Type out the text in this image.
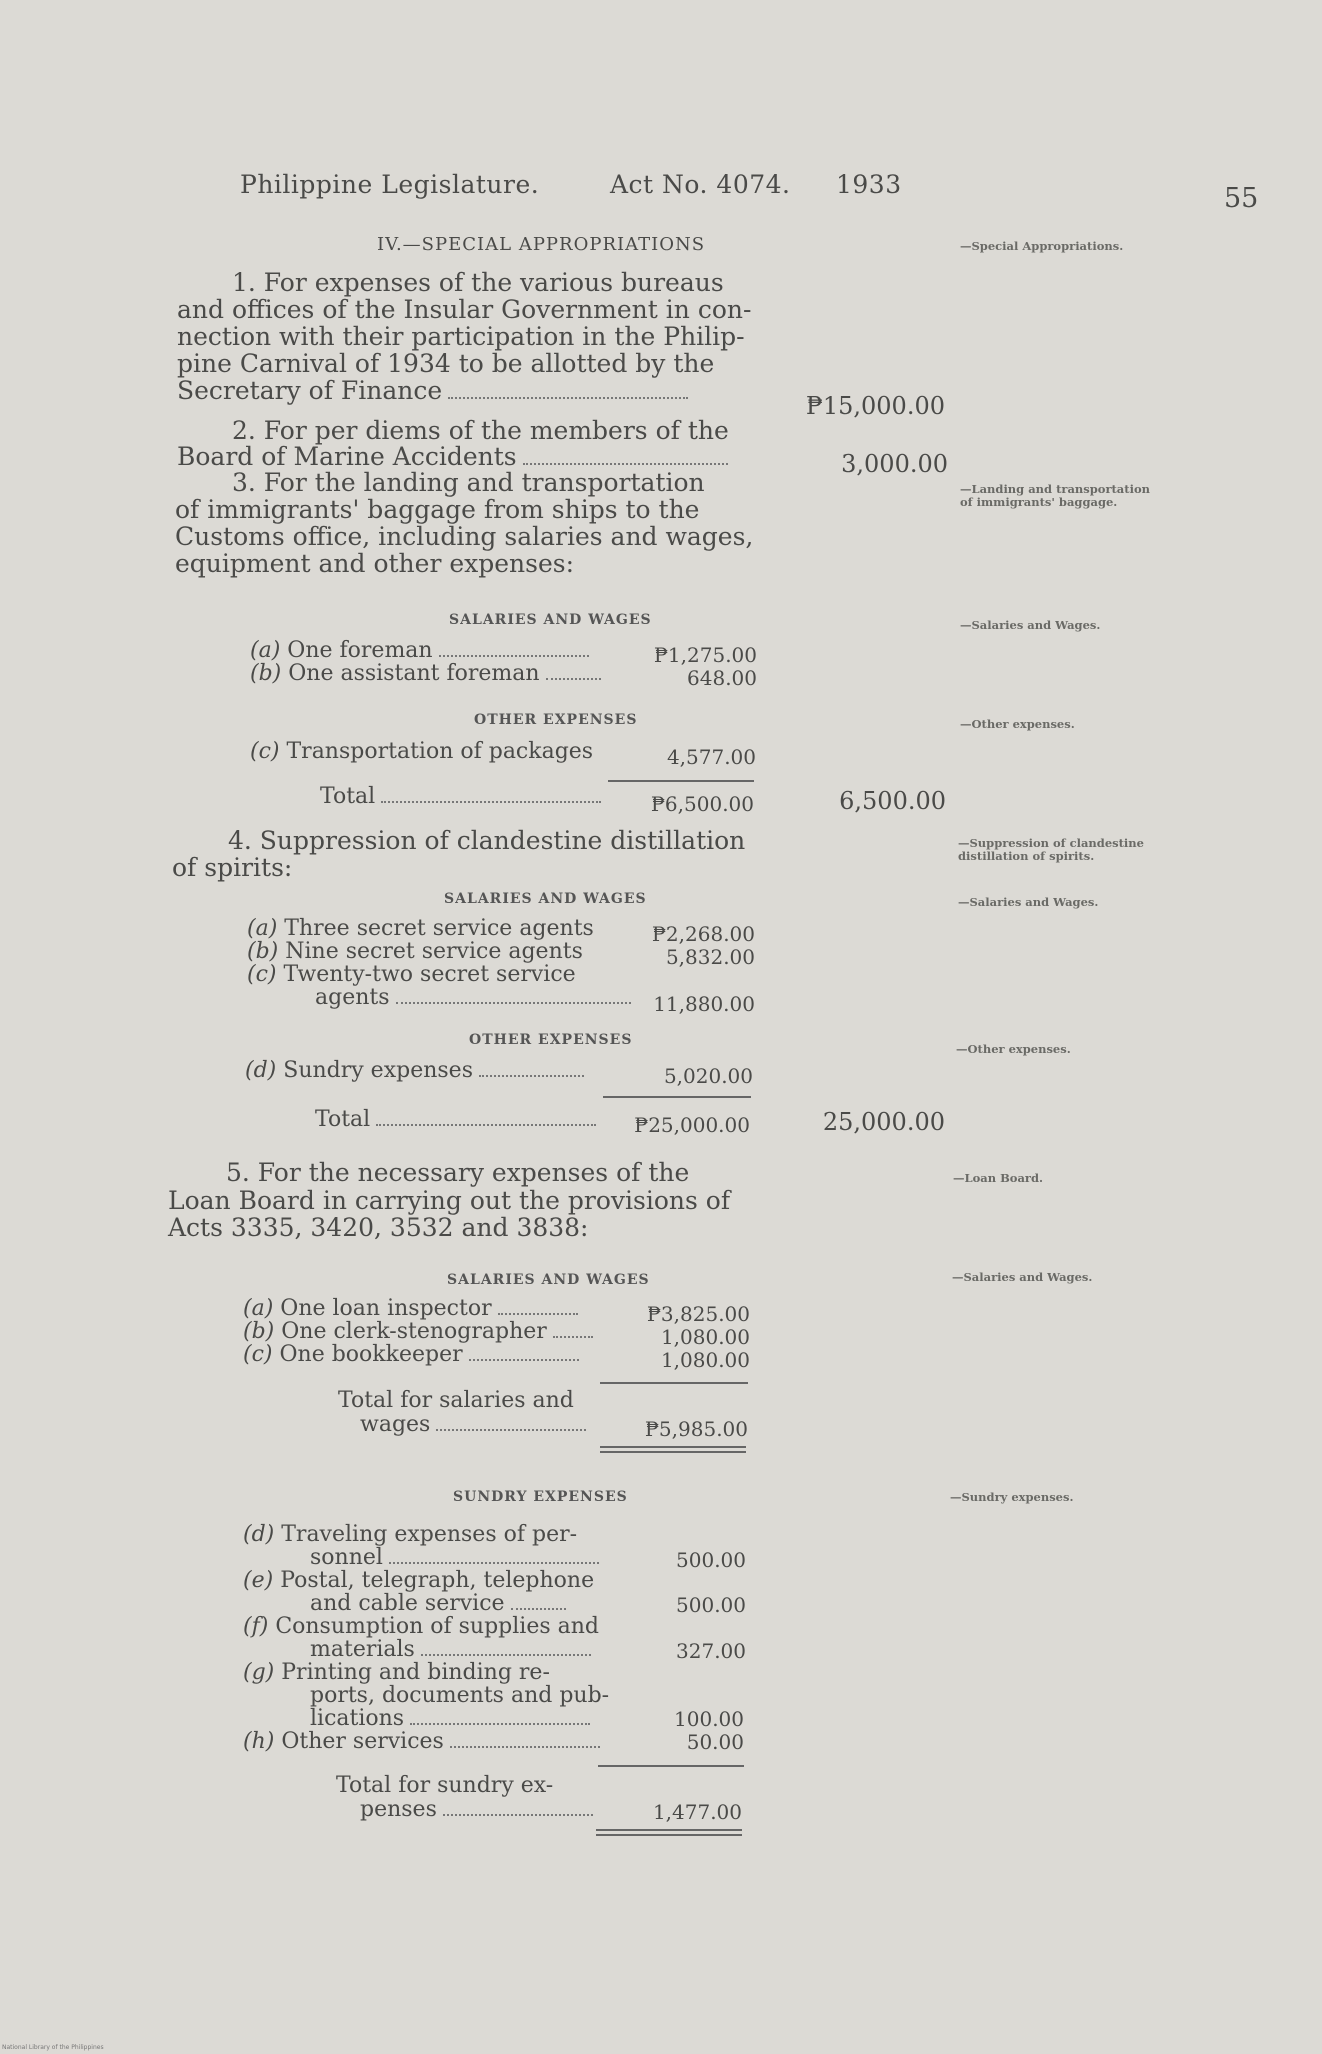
Philippine Legislature.	Act No. 4074. 1933	55
IV.—SPECIAL APPROPRIATIONS	—Special Appropriations.
1. For expenses of the various bureaus
and offices of the Insular Government in con-
nection with their participation in the Philip-
pine Carnival of 1934 to be allotted by the
Secretary of Finance
₱15,000.00
2. For per diems of the members of the
Board of Marine Accidents	3,000.00
3. For the landing and transportation
of immigrants' baggage from ships to the
Customs office, including salaries and wages,
equipment and other expenses:
—Landing and transportation of immigrants' baggage.
SALARIES AND WAGES	—Salaries and Wages.
(a) One foreman	₱1,275.00
(b) One assistant foreman	648.00
OTHER EXPENSES	—Other expenses.
(c) Transportation of packages	4,577.00
Total	₱6,500.00	6,500.00
4. Suppression of clandestine distillation
of spirits:
—Suppression of clandestine distillation of spirits.
SALARIES AND WAGES	—Salaries and Wages.
(a) Three secret service agents	₱2,268.00
(b) Nine secret service agents	5,832.00
(c) Twenty-two secret service
agents	11,880.00
OTHER EXPENSES
—Other expenses.
(d) Sundry expenses	5,020.00
Total	₱25,000.00	25,000.00
5. For the necessary expenses of the
Loan Board in carrying out the provisions of
Acts 3335, 3420, 3532 and 3838:
—Loan Board.
SALARIES AND WAGES	—Salaries and Wages.
(a) One loan inspector	₱3,825.00
(b) One clerk-stenographer	1,080.00
(c) One bookkeeper	1,080.00
Total for salaries and
wages	₱5,985.00
SUNDRY EXPENSES	—Sundry expenses.
(d) Traveling expenses of per-
sonnel	500.00
(e) Postal, telegraph, telephone
and cable service	500.00
(f) Consumption of supplies and
materials	327.00
(g) Printing and binding re-
ports, documents and pub-
lications	100.00
(h) Other services	50.00
Total for sundry ex-
penses	1,477.00
National Library of the Philippines
